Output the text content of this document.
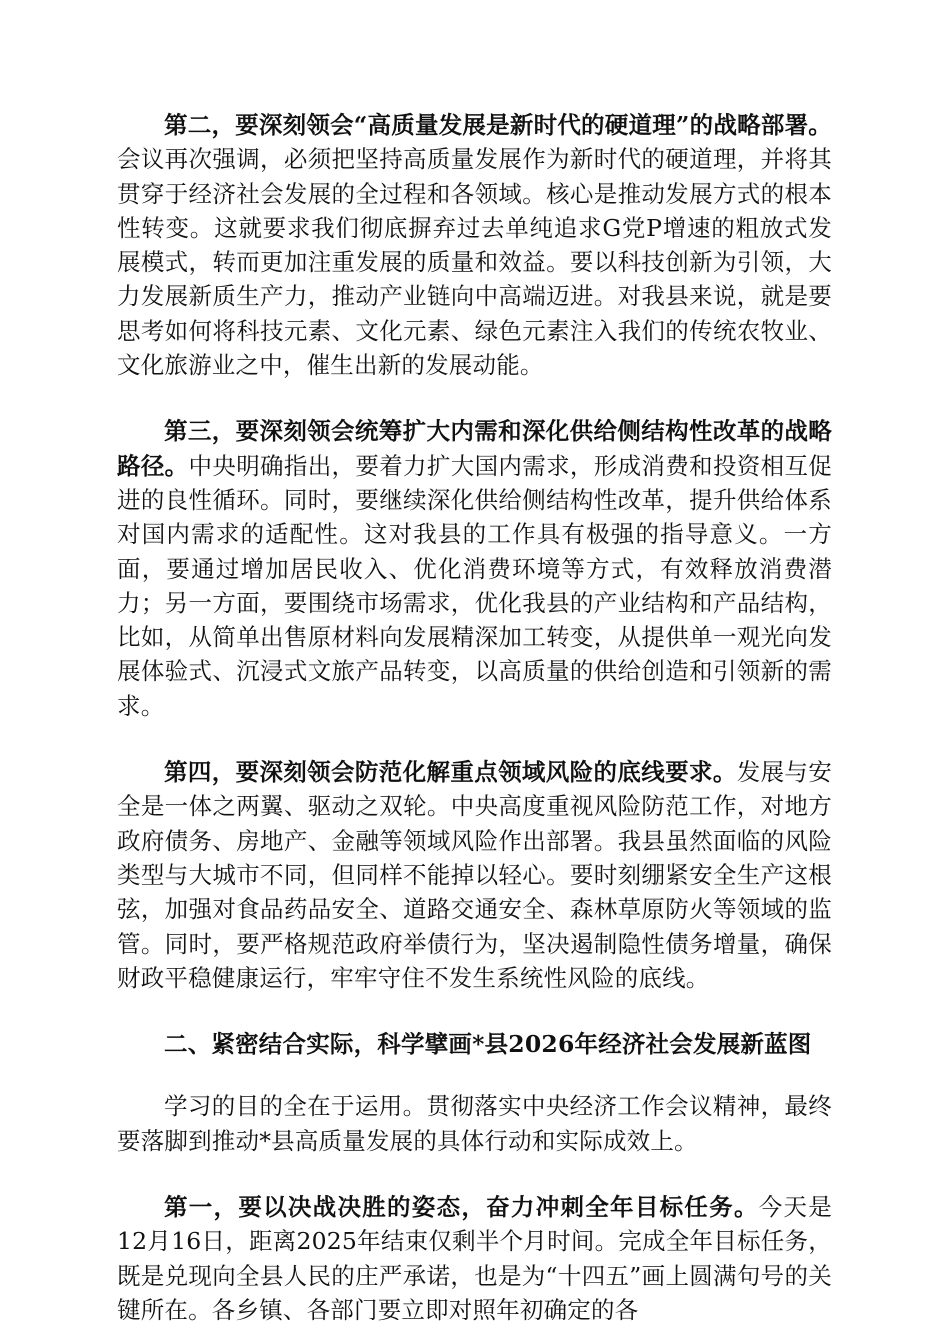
第二，要深刻领会“高质量发展是新时代的硬道理”的战略部署。会议再次强调，必须把坚持高质量发展作为新时代的硬道理，并将其贯穿于经济社会发展的全过程和各领域。核心是推动发展方式的根本性转变。这就要求我们彻底摒弃过去单纯追求G党P增速的粗放式发展模式，转而更加注重发展的质量和效益。要以科技创新为引领，大力发展新质生产力，推动产业链向中高端迈进。对我县来说，就是要思考如何将科技元素、文化元素、绿色元素注入我们的传统农牧业、文化旅游业之中，催生出新的发展动能。

第三，要深刻领会统筹扩大内需和深化供给侧结构性改革的战略路径。中央明确指出，要着力扩大国内需求，形成消费和投资相互促进的良性循环。同时，要继续深化供给侧结构性改革，提升供给体系对国内需求的适配性。这对我县的工作具有极强的指导意义。一方面，要通过增加居民收入、优化消费环境等方式，有效释放消费潜力；另一方面，要围绕市场需求，优化我县的产业结构和产品结构，比如，从简单出售原材料向发展精深加工转变，从提供单一观光向发展体验式、沉浸式文旅产品转变，以高质量的供给创造和引领新的需求。

第四，要深刻领会防范化解重点领域风险的底线要求。发展与安全是一体之两翼、驱动之双轮。中央高度重视风险防范工作，对地方政府债务、房地产、金融等领域风险作出部署。我县虽然面临的风险类型与大城市不同，但同样不能掉以轻心。要时刻绷紧安全生产这根弦，加强对食品药品安全、道路交通安全、森林草原防火等领域的监管。同时，要严格规范政府举债行为，坚决遏制隐性债务增量，确保财政平稳健康运行，牢牢守住不发生系统性风险的底线。

二、紧密结合实际，科学擘画*县2026年经济社会发展新蓝图

学习的目的全在于运用。贯彻落实中央经济工作会议精神，最终要落脚到推动*县高质量发展的具体行动和实际成效上。

第一，要以决战决胜的姿态，奋力冲刺全年目标任务。今天是12月16日，距离2025年结束仅剩半个月时间。完成全年目标任务，既是兑现向全县人民的庄严承诺，也是为“十四五”画上圆满句号的关键所在。各乡镇、各部门要立即对照年初确定的各
